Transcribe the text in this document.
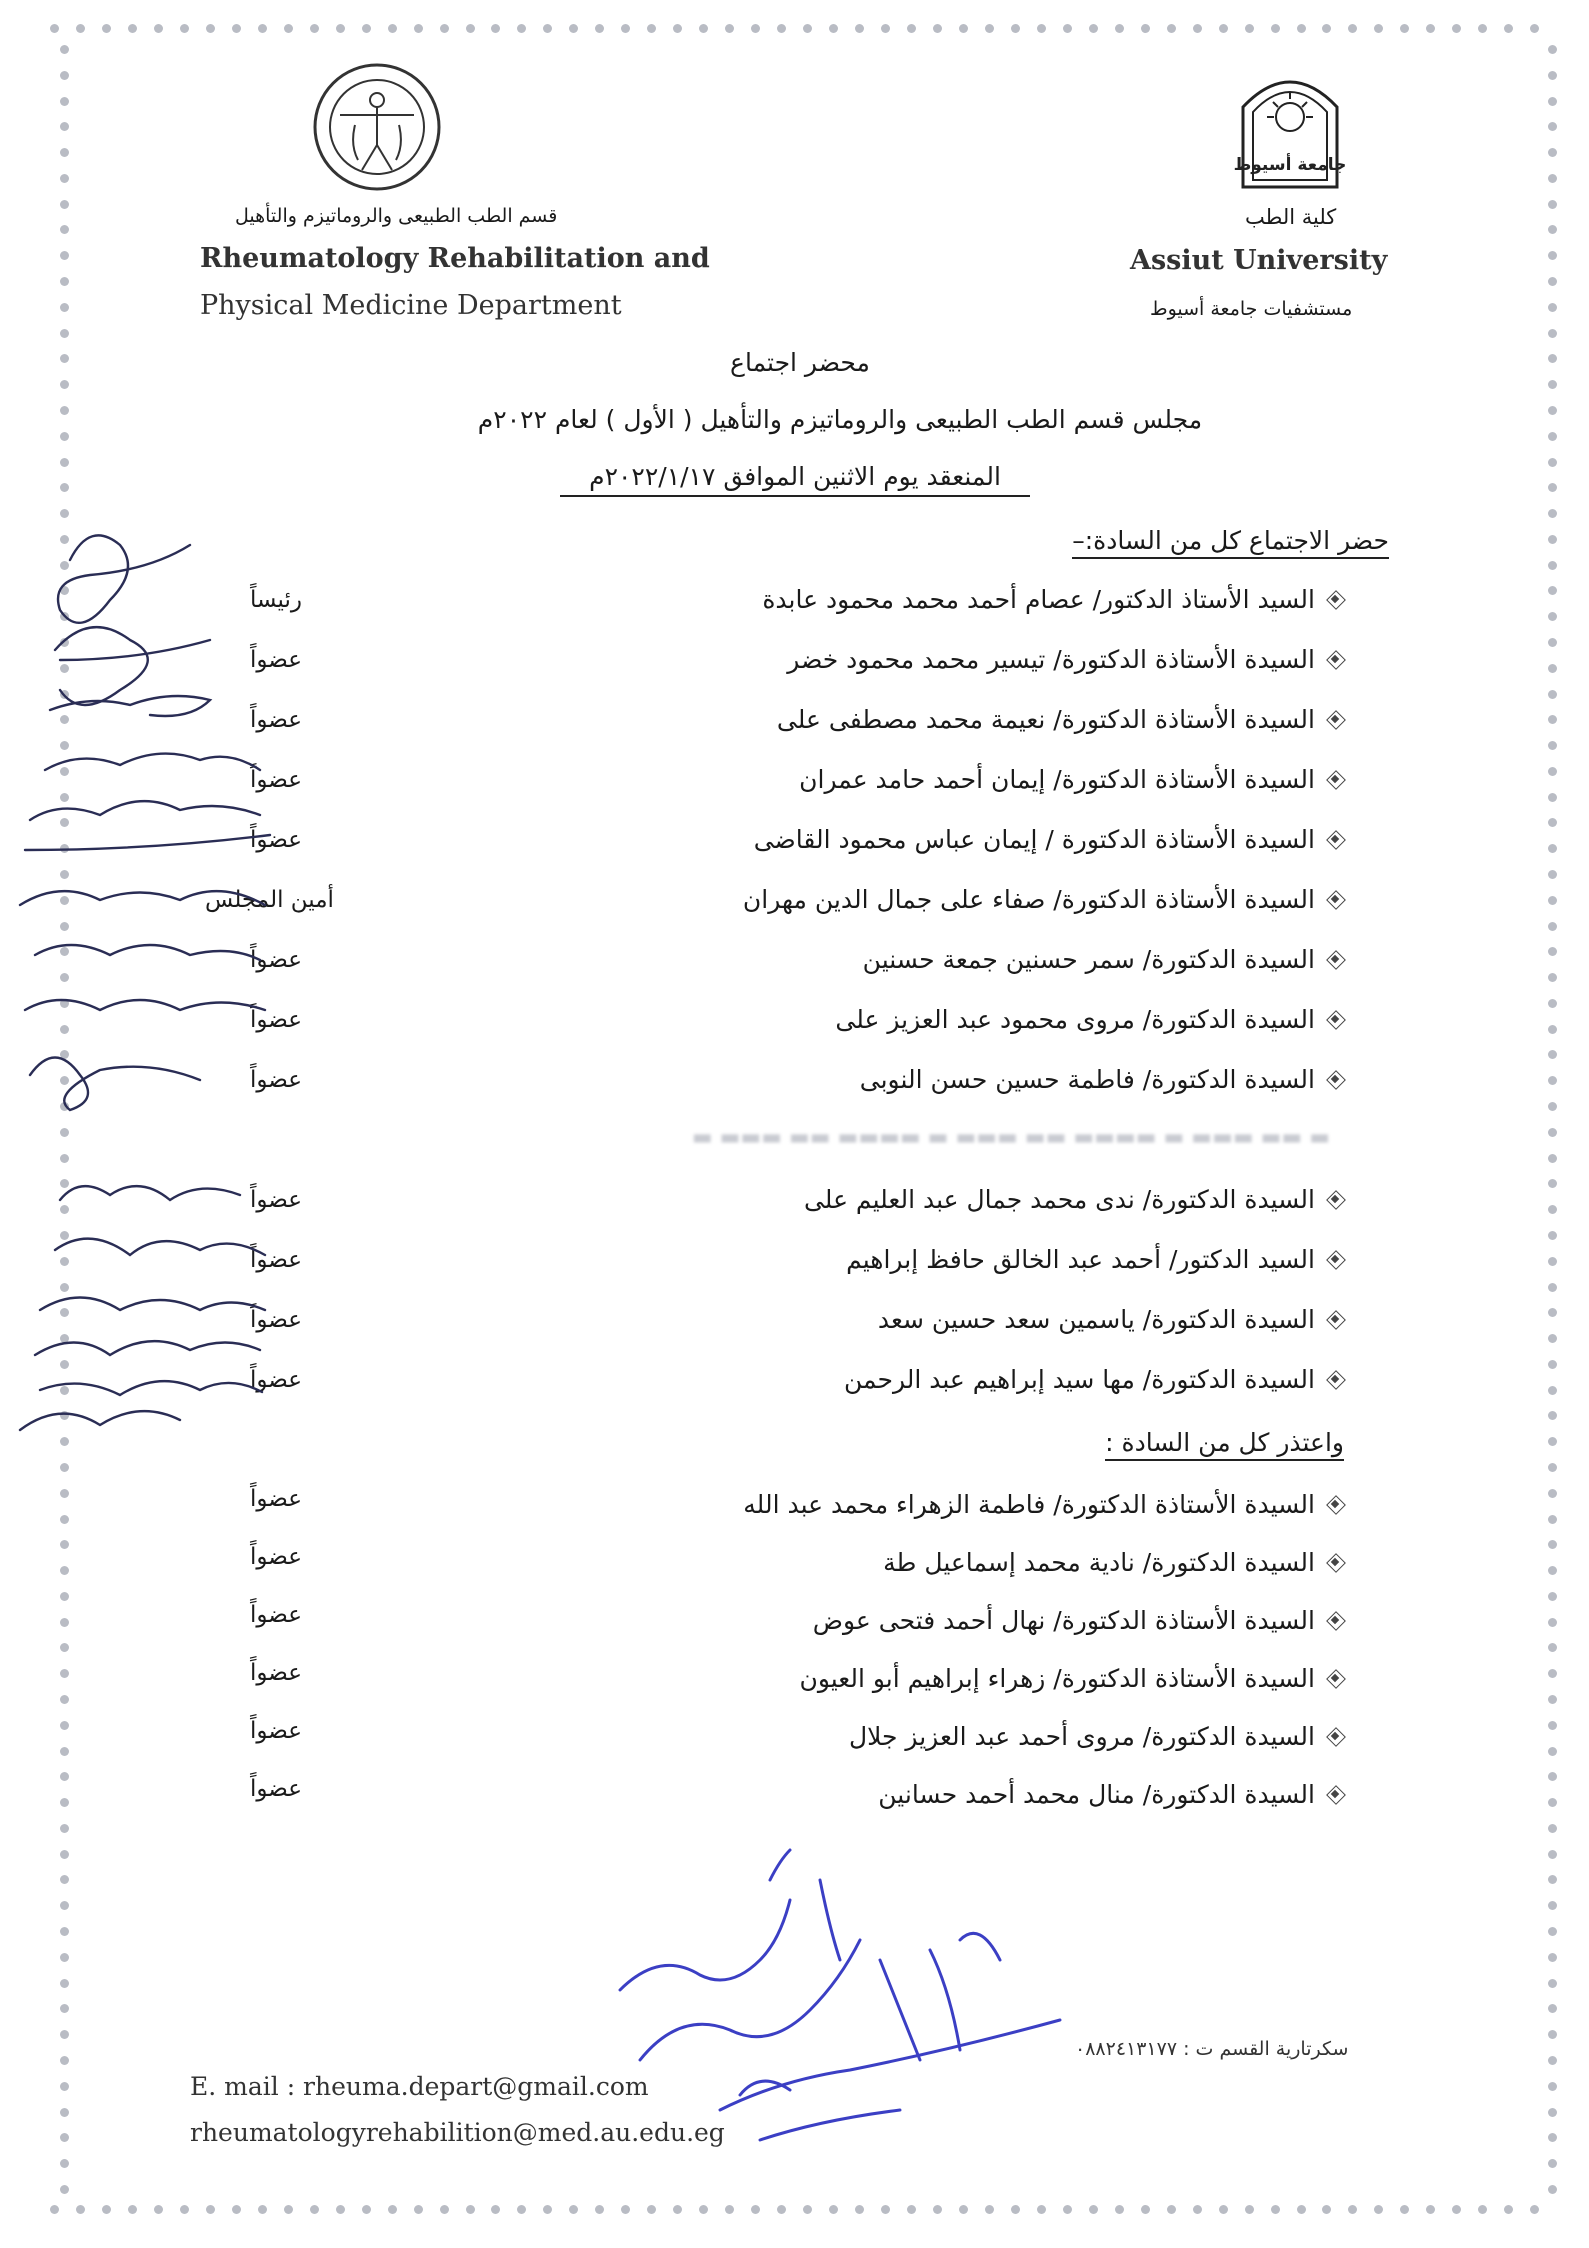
جامعة أسيوط
قسم الطب الطبيعى والروماتيزم والتأهيل
Rheumatology Rehabilitation and
Physical Medicine Department
كلية الطب
Assiut University
مستشفيات جامعة أسيوط
محضر اجتماع
مجلس قسم الطب الطبيعى والروماتيزم والتأهيل ( الأول ) لعام ٢٠٢٢م
المنعقد يوم الاثنين الموافق ٢٠٢٢/١/١٧م
حضر الاجتماع كل من السادة:–
السيد الأستاذ الدكتور/ عصام أحمد محمد محمود عابدة
رئيساً
السيدة الأستاذة الدكتورة/ تيسير محمد محمود خضر
عضواً
السيدة الأستاذة الدكتورة/ نعيمة محمد مصطفى على
عضواً
السيدة الأستاذة الدكتورة/ إيمان أحمد حامد عمران
عضواً
السيدة الأستاذة الدكتورة / إيمان عباس محمود القاضى
عضواً
السيدة الأستاذة الدكتورة/ صفاء على جمال الدين مهران
أمين المجلس
السيدة الدكتورة/ سمر حسنين جمعة حسنين
عضواً
السيدة الدكتورة/ مروى محمود عبد العزيز على
عضواً
السيدة الدكتورة/ فاطمة حسين حسن النوبى
عضواً
السيدة الدكتورة/ ندى محمد جمال عبد العليم على
عضواً
السيد الدكتور/ أحمد عبد الخالق حافظ إبراهيم
عضواً
السيدة الدكتورة/ ياسمين سعد حسين سعد
عضواً
السيدة الدكتورة/ مها سيد إبراهيم عبد الرحمن
عضواً
▬ ▬▬ ▬▬▬ ▬ ▬▬▬▬ ▬▬ ▬▬▬ ▬ ▬▬▬▬ ▬▬ ▬▬▬ ▬
واعتذر كل من السادة :
السيدة الأستاذة الدكتورة/ فاطمة الزهراء محمد عبد الله
عضواً
السيدة الدكتورة/ نادية محمد إسماعيل طة
عضواً
السيدة الأستاذة الدكتورة/ نهال أحمد فتحى عوض
عضواً
السيدة الأستاذة الدكتورة/ زهراء إبراهيم أبو العيون
عضواً
السيدة الدكتورة/ مروى أحمد عبد العزيز جلال
عضواً
السيدة الدكتورة/ منال محمد أحمد حسانين
عضواً
E. mail : rheuma.depart@gmail.com
rheumatologyrehabilition@med.au.edu.eg
سكرتارية القسم ت : ٠٨٨٢٤١٣١٧٧
